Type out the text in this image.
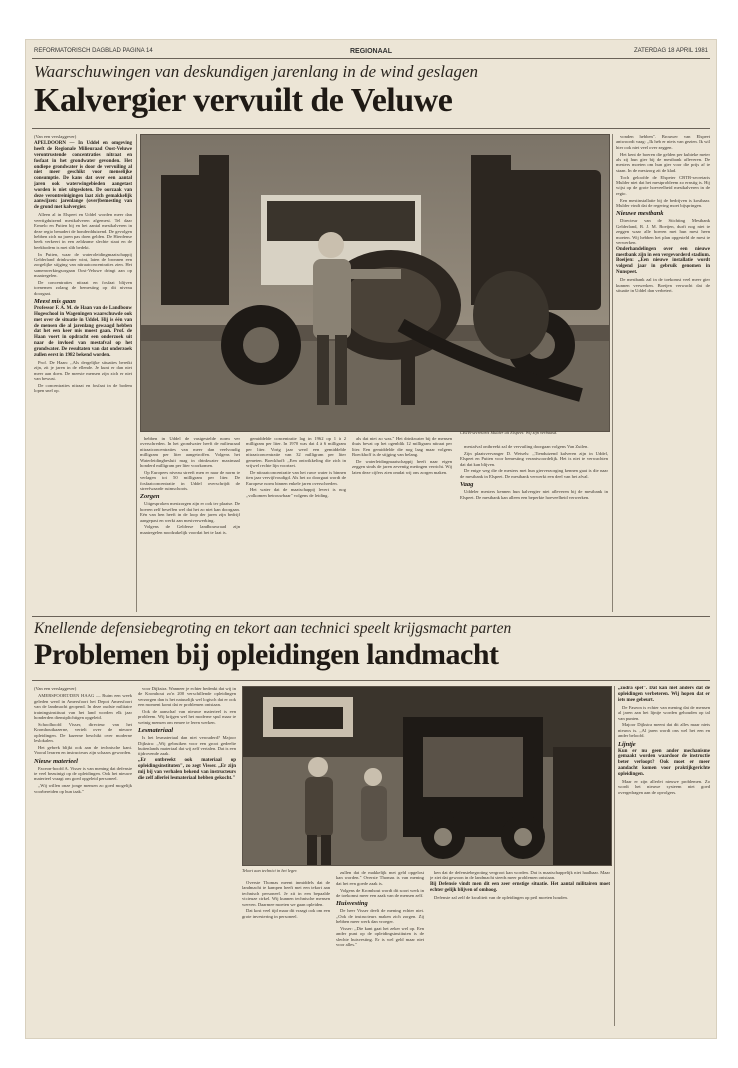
REFORMATORISCH DAGBLAD PAGINA 14	REGIONAAL	ZATERDAG 18 APRIL 1981
Waarschuwingen van deskundigen jarenlang in de wind geslagen
Kalvergier vervuilt de Veluwe

(Van een verslaggever)

APELDOORN — In Uddel en omgeving heeft de Regionale Milieuraad Oost-Veluwe verontrustende concentraties nitraat en fosfaat in het grondwater gevonden. Het ondiepe grondwater is door de vervuiling al niet meer geschikt voor menselijke consumptie. De kans dat over een aantal jaren ook waterwingebieden aangetast worden is niet uitgesloten. De oorzaak van deze verontreinigingen laat zich gemakkelijk aanwijzen: jarenlange (over)bemesting van de grond met kalvergier.

Alleen al in Elspeet en Uddel worden meer dan veertigduizend mestkalveren afgemest. Tel daar Ermelo en Putten bij en het aantal mestkalveren in deze regio benadert de honderdduizend. De gevolgen hebben zich na jaren pas doen gelden. De Hierdense beek verkeert in een zeldzame slechte staat en de beekbodem is met slib bedekt.

In Putten, waar de wateroleidingmaatschappij Gelderland drinkwater wint, laten de bronnen een zorgelijke stijging van nitraatconcentraties zien. Het samenwerkingsorgaan Oost-Veluwe dringt aan op maatregelen.

De concentraties nitraat en fosfaat blijven toenemen zolang de bemesting op dit niveau doorgaat.

Meest mis gaan

Professor F. A. M. de Haan van de Landbouw Hogeschool in Wageningen waarschuwde ook met over de situatie in Uddel. Hij is één van de mensen die al jarenlang gewaagd hebben dat het een keer mis moest gaan. Prof. de Haan voert in opdracht een onderzoek uit naar de invloed van mestafval op het grondwater. De resultaten van dat onderzoek zullen eerst in 1982 bekend worden.

Prof. De Haan: ,,Als dergelijke situaties bereikt zijn, zit je jaren in de ellende. Je kunt er dan niet meer aan doen. De meeste mensen zijn zich er niet van bewust.

De concentraties nitraat en fosfaat in de bodem lopen snel op.

hebben in Uddel de vastgestelde norm ver overschreden. In het grondwater heeft de milieuraad nitraatconcentraties van meer dan veelvoudig milligram per liter aangetroffen. Volgens het Waterleidingbesluit mag in drinkwater maximaal honderd milligram per liter voorkomen.

Op Europees niveau streeft men er naar de norm te verlagen tot 50 milligram per liter. De fosfaatconcentratie in Uddel overschrijdt de streefwaarde ruimschoots.

Zorgen

Uitgesproken mestzorgen zijn er ook ter plaatse. De boeren zelf beseffen wel dat het zo niet kan doorgaan. Eén van hen heeft in de loop der jaren zijn bedrijf aangepast en werkt aan mestverwerking.

Volgens de Gelderse landbouwraad zijn maatregelen noodzakelijk voordat het te laat is.

gemiddelde concentratie lag in 1962 op 1 à 2 milligram per liter. In 1970 was dat 4 à 6 milligram per liter. Vorig jaar werd een gemiddelde nitraatconcentratie van 32 milligram per liter gemeten. Boeckhoff: ,,Een ontwikkeling die zich in vrijwel rechte lijn voortzet.

De nitraatconcentratie van het ruwe water is binnen tien jaar vervijfvoudigd. Als het zo doorgaat wordt de Europese norm binnen enkele jaren overschreden.

Het water dat de maatschappij levert is nog ,,volkomen betrouwbaar" volgens de leiding.

als dat niet zo was." Het drinkwater bij de mensen thuis bevat op het ogenblik 12 milligram nitraat per liter. Een gemiddelde die nog laag maar volgens Boeckhoff is de stijging van belang.

De waterleidingmaatschappij heeft naar eigen zeggen sinds de jaren zeventig metingen verricht. Wij laten deze cijfers zien omdat wij ons zorgen maken.

CBTB-secretaris Mulder uit Elspeet: Wij zijn verbaasd.

mestafval ontbreekt zal de vervuiling doorgaan volgens Van Zuilen.

Zijn plaatsvervanger D. Wetsels: ,,Tienduizend kalveren zijn in Uddel, Elspeet en Putten voor bemesting verantwoordelijk. Het is niet te verwachten dat dat kan blijven.

De enige weg die de mesters met hun gierverzorging kennen gaat is die naar de mestbank in Elspeet. De mestbank verwerkt een deel van het afval.

Vaag

Uddeler mesters kennen hun kalvergier niet afleveren bij de mestbank in Elspeet. De mestbank kan alleen een beperkte hoeveelheid verwerken.

vonden hebben". Brouwer van Elspeet antwoordt vaag: ,,Ik heb er niets van gezien. Ik wil hier ook niet veel over zeggen.

Het kent de boeren die gelden per kubieke meter als zij hun gier bij de mestbank afleveren. De mesters moeten om hun gier voor die prijs af te staan. In de mestzorg zit de klad.

Toch geloofde de Elspeter CBTB-secretaris Mulder niet dat het mestprobleem zo ernstig is. Hij wijst op de grote hoeveelheid mestkalveren in de regio.

Een mestinstallatie bij de bedrijven is kostbaar. Mulder vindt dat de regering moet bijspringen.

Nieuwe mestbank

Directeur van de Stichting Mestbank Gelderland, B. J. M. Boeijen, durft nog niet te zeggen waar alle boeren met hun mest heen moeten. Wij hebben het plan opgesteld de mest te verwerken.

Onderhandelingen over een nieuwe mestbank zijn in een vergevorderd stadium. Boeijen: ,,Een nieuwe installatie wordt volgend jaar in gebruik genomen in Nunspeet.

De mestbank zal in de toekomst veel meer gier kunnen verwerken. Boeijen verwacht dat de situatie in Uddel dan verbetert.

Knellende defensiebegroting en tekort aan technici speelt krijgsmacht parten
Problemen bij opleidingen landmacht

(Van een verslaggever)

AMERSFOORT/DEN HAAG — Ruim een week geleden werd in Amersfoort het Depot Amersfoort van de landmacht geopend. In deze oudste militaire trainingsinstituut van het land worden elk jaar honderden dienstplichtigen opgeleid.

Schoolhoofd Visser, directeur van het Kromhoutkazerne, vertelt over de nieuwe opleidingen. De kazerne beschikt over moderne leslokalen.

Het gebrek blijkt ook aan de technische kant. Vooral leraren en instructeurs zijn schaars geworden.

Nieuw materieel

Faceon-hoofd A. Visser is van mening dat defensie te veel bezuinigt op de opleidingen. Ook het nieuwe materieel vraagt om goed opgeleid personeel.

,,Wij willen onze jonge mensen zo goed mogelijk voorbereiden op hun taak."

voor Dijkstra. Wanneer je echter bedenkt dat wij in de Kromhout zo'n 200 verschillende opleidingen verzorgen dan is het natuurlijk wel logisch dat er ook een moment komt dat er problemen ontstaan.

Ook de aanschaf van nieuwe materieel is een probleem. Wij krijgen wel het moderne spul maar te weinig mensen om ermee te leren werken.

Lesmateriaal

Is het lesmateriaal dan niet verouderd? Majoor Dijkstra: ,,Wij gebruiken voor een groot gedeelte buitenlands materiaal dat wij zelf vertalen. Dat is een tijdrovende zaak.

,,Er ontbreekt ook materiaal op opleidingsinstituten", zo zegt Visser. ,,Er zijn mij bij van verhalen bekend van instructeurs die zelf allerlei lesmateriaal hebben gekocht."

Tekort aan technici in het leger.

Overste Thomas meent inmiddels dat de landmacht te kampen heeft met een tekort aan technisch personeel. Je zit in een bepaalde vicieuze cirkel. Wij kunnen technische mensen werven. Daarmee moeten we gaan opleiden.

Dat kost veel tijd maar dit vraagt ook om een grote investering in personeel.

zullen dat de makkelijk met geld opgelost kan worden." Overste Thomas is van mening dat het een goede zaak is.

Volgens de Kromhout wordt dit soort werk in de toekomst meer een zaak van de mensen zelf.

Huisvesting

De heer Visser deelt de mening echter niet. ,,Ook de instructeurs maken zich zorgen. Zij hebben meer werk dan vroeger.

Visser: ,,Die kant gaat het zeker wel op. Een ander punt op de opleidingsinstituten is de slechte huisvesting. Er is wel geld maar niet voor alles."

ken dat de defensiebegroting vergroot kan worden. Dat is maatschappelijk niet haalbaar. Maar je ziet dat gewoon in de landmacht steeds meer problemen ontstaan.

Bij Defensie vindt men dit een zeer ernstige situatie. Het aantal militairen moet echter gelijk blijven of omhoog.

Defensie zal zelf de kwaliteit van de opleidingen op peil moeten houden.

,,zodra spel". Dat kan niet anders dat de opleidingen verbeteren. Wij hopen dat er iets mee gebeurt.

De Faseon is echter van mening dat de mensen al jaren aan het lijntje worden gehouden op tal van punten.

Majoor Dijkstra meent dat dit alles maar niets nieuws is. ,,Al jaren wordt ons wel het een en ander beloofd.

Lijntje

Kun er nu geen ander mechanisme gemaakt worden waardoor de instructie beter verloopt? Ook moet er meer aandacht komen voor praktijkgerichte opleidingen.

Maar er zijn allerlei nieuwe problemen. Zo wordt het nieuwe systeem niet goed overgedragen aan de opvolgers.
